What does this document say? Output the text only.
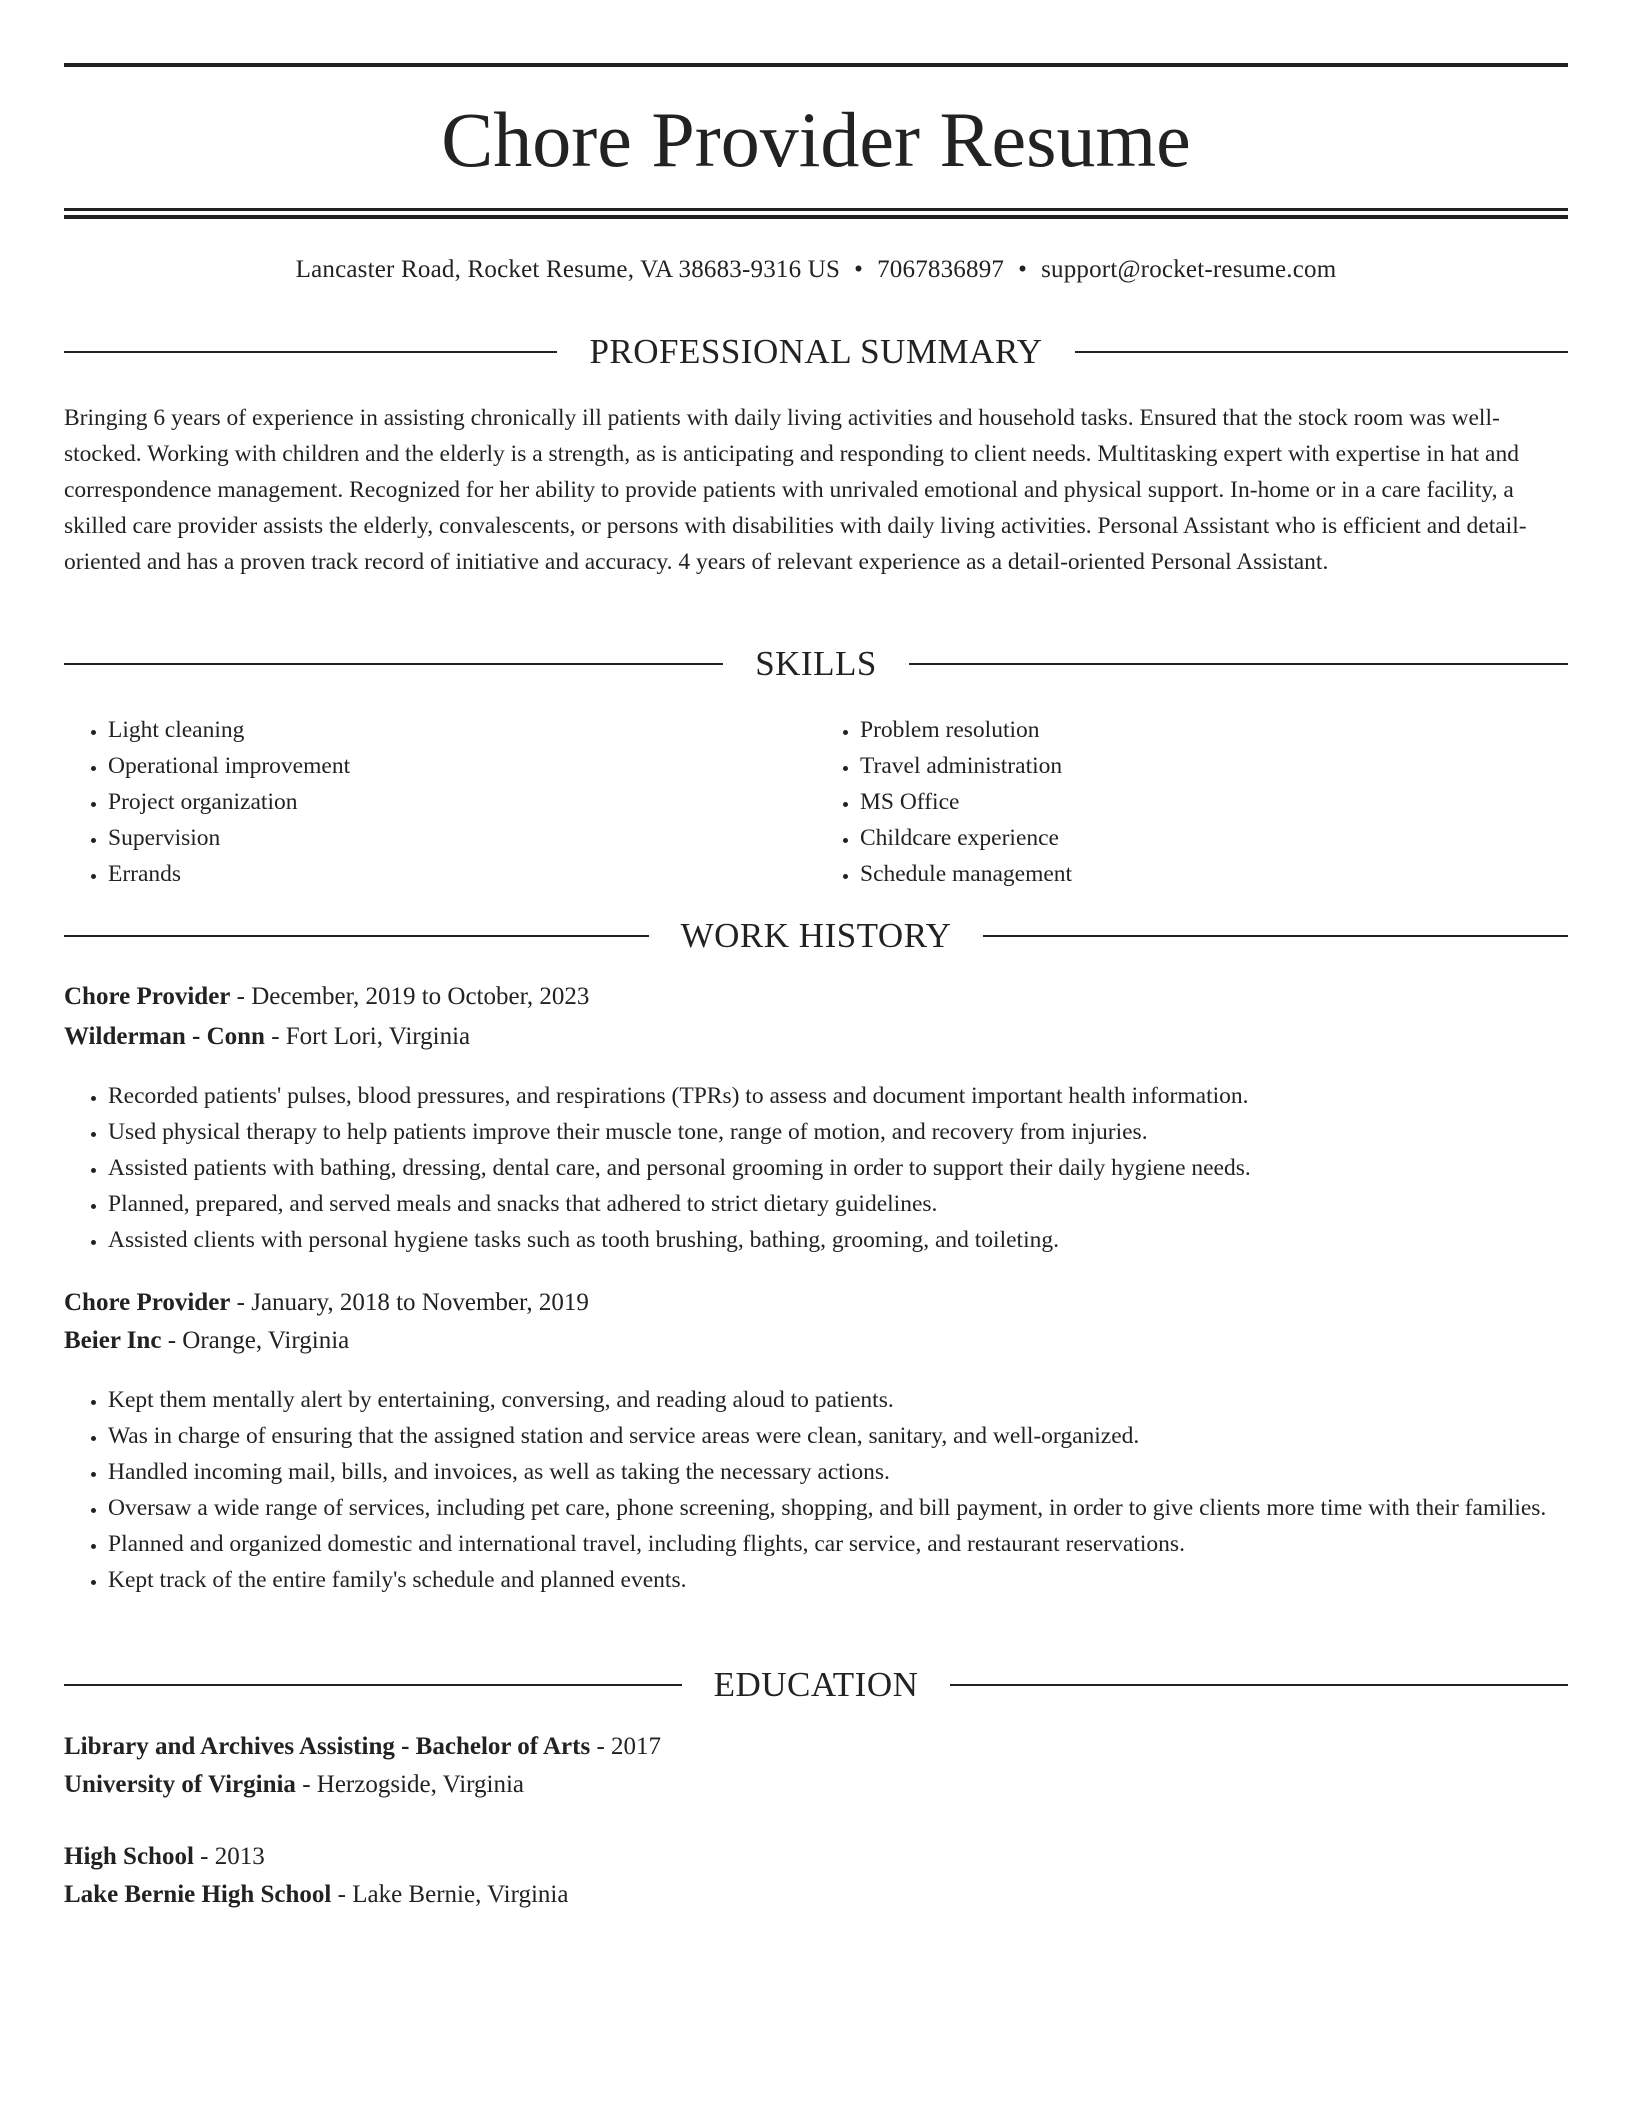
Chore Provider Resume
Lancaster Road, Rocket Resume, VA 38683-9316 US • 7067836897 • support@rocket-resume.com
PROFESSIONAL SUMMARY

Bringing 6 years of experience in assisting chronically ill patients with daily living activities and household tasks. Ensured that the stock room was well-stocked. Working with children and the elderly is a strength, as is anticipating and responding to client needs. Multitasking expert with expertise in hat and correspondence management. Recognized for her ability to provide patients with unrivaled emotional and physical support. In-home or in a care facility, a skilled care provider assists the elderly, convalescents, or persons with disabilities with daily living activities. Personal Assistant who is efficient and detail-oriented and has a proven track record of initiative and accuracy. 4 years of relevant experience as a detail-oriented Personal Assistant.

SKILLS
• Light cleaning
• Operational improvement
• Project organization
• Supervision
• Errands
• Problem resolution
• Travel administration
• MS Office
• Childcare experience
• Schedule management
WORK HISTORY

Chore Provider - December, 2019 to October, 2023

Wilderman - Conn - Fort Lori, Virginia

• Recorded patients' pulses, blood pressures, and respirations (TPRs) to assess and document important health information.
• Used physical therapy to help patients improve their muscle tone, range of motion, and recovery from injuries.
• Assisted patients with bathing, dressing, dental care, and personal grooming in order to support their daily hygiene needs.
• Planned, prepared, and served meals and snacks that adhered to strict dietary guidelines.
• Assisted clients with personal hygiene tasks such as tooth brushing, bathing, grooming, and toileting.

Chore Provider - January, 2018 to November, 2019

Beier Inc - Orange, Virginia

• Kept them mentally alert by entertaining, conversing, and reading aloud to patients.
• Was in charge of ensuring that the assigned station and service areas were clean, sanitary, and well-organized.
• Handled incoming mail, bills, and invoices, as well as taking the necessary actions.
• Oversaw a wide range of services, including pet care, phone screening, shopping, and bill payment, in order to give clients more time with their families.
• Planned and organized domestic and international travel, including flights, car service, and restaurant reservations.
• Kept track of the entire family's schedule and planned events.
EDUCATION

Library and Archives Assisting - Bachelor of Arts - 2017

University of Virginia - Herzogside, Virginia

High School - 2013

Lake Bernie High School - Lake Bernie, Virginia
